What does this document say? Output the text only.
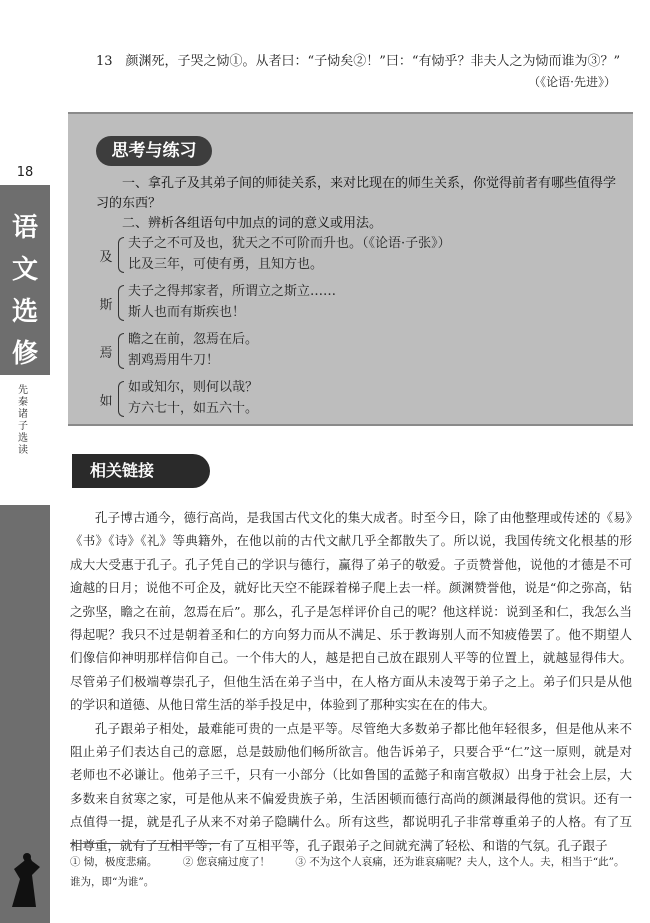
18
语
文
选
修
先秦诸子选读
13　颜渊死，子哭之恸①。从者曰：“子恸矣②！”曰：“有恸乎？非夫人之为恸而谁为③？”
（《论语·先进》）
思考与练习

一、拿孔子及其弟子间的师徒关系，来对比现在的师生关系，你觉得前者有哪些值得学习的东西？

二、辨析各组语句中加点的词的意义或用法。

及
夫子之不可及也，犹天之不可阶而升也。（《论语·子张》）
比及三年，可使有勇，且知方也。
斯
夫子之得邦家者，所谓立之斯立……
斯人也而有斯疾也！
焉
瞻之在前，忽焉在后。
割鸡焉用牛刀！
如
如或知尔，则何以哉？
方六七十，如五六十。
相关链接

孔子博古通今，德行高尚，是我国古代文化的集大成者。时至今日，除了由他整理或传述的《易》《书》《诗》《礼》等典籍外，在他以前的古代文献几乎全都散失了。所以说，我国传统文化根基的形成大大受惠于孔子。孔子凭自己的学识与德行，赢得了弟子的敬爱。子贡赞誉他，说他的才德是不可逾越的日月；说他不可企及，就好比天空不能踩着梯子爬上去一样。颜渊赞誉他，说是“仰之弥高，钻之弥坚，瞻之在前，忽焉在后”。那么，孔子是怎样评价自己的呢？他这样说：说到圣和仁，我怎么当得起呢？我只不过是朝着圣和仁的方向努力而从不满足、乐于教诲别人而不知疲倦罢了。他不期望人们像信仰神明那样信仰自己。一个伟大的人，越是把自己放在跟别人平等的位置上，就越显得伟大。尽管弟子们极端尊崇孔子，但他生活在弟子当中，在人格方面从未凌驾于弟子之上。弟子们只是从他的学识和道德、从他日常生活的举手投足中，体验到了那种实实在在的伟大。

孔子跟弟子相处，最难能可贵的一点是平等。尽管绝大多数弟子都比他年轻很多，但是他从来不阻止弟子们表达自己的意愿，总是鼓励他们畅所欲言。他告诉弟子，只要合乎“仁”这一原则，就是对老师也不必谦让。他弟子三千，只有一小部分（比如鲁国的孟懿子和南宫敬叔）出身于社会上层，大多数来自贫寒之家，可是他从来不偏爱贵族子弟，生活困顿而德行高尚的颜渊最得他的赏识。还有一点值得一提，就是孔子从来不对弟子隐瞒什么。所有这些，都说明孔子非常尊重弟子的人格。有了互相尊重，就有了互相平等；有了互相平等，孔子跟弟子之间就充满了轻松、和谐的气氛。孔子跟子

① 恸，极度悲痛。 ② 您哀痛过度了！ ③ 不为这个人哀痛，还为谁哀痛呢？夫人，这个人。夫，相当于“此”。谁为，即“为谁”。
